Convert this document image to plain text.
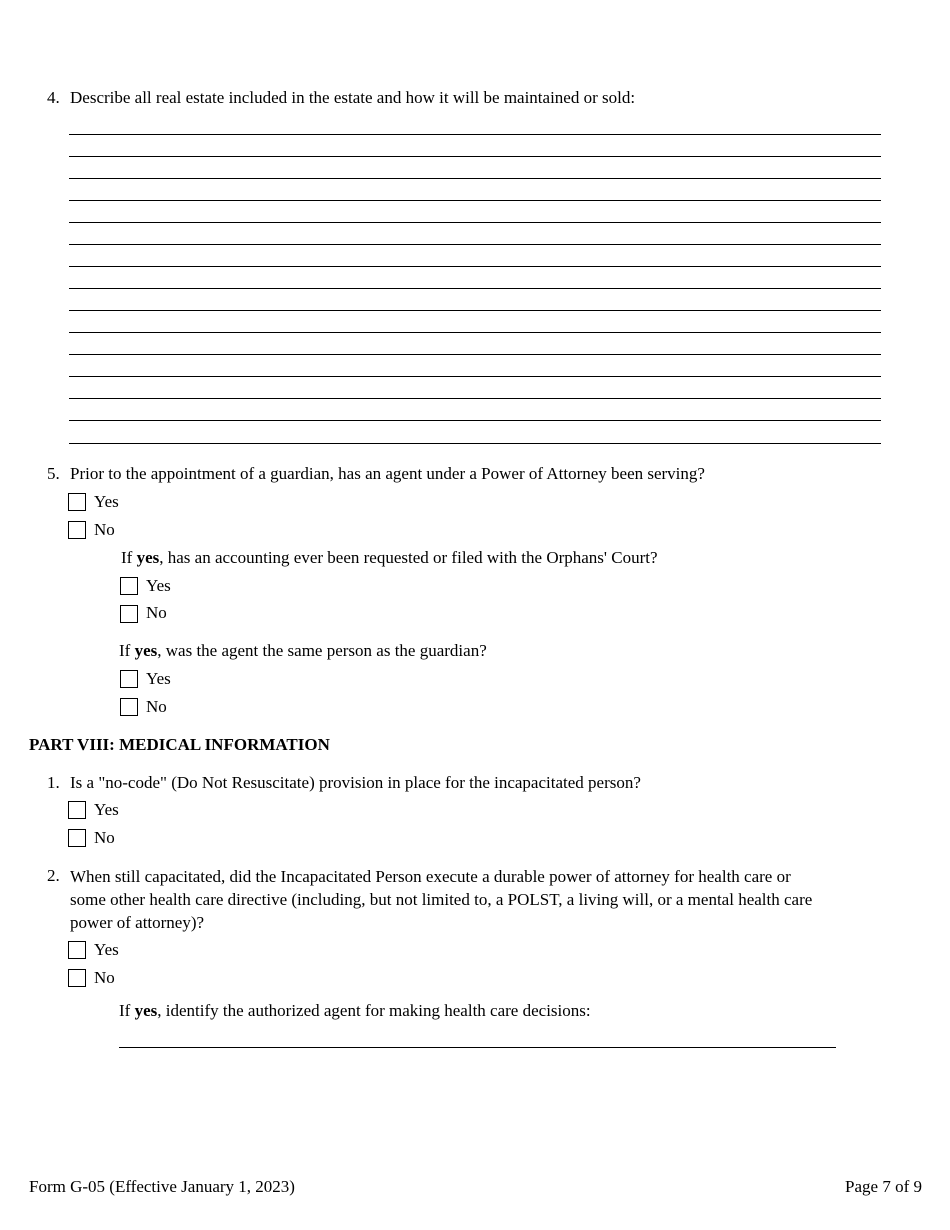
4. Describe all real estate included in the estate and how it will be maintained or sold:
5. Prior to the appointment of a guardian, has an agent under a Power of Attorney been serving?
Yes
No
If yes, has an accounting ever been requested or filed with the Orphans' Court?
Yes
No
If yes, was the agent the same person as the guardian?
Yes
No
PART VIII: MEDICAL INFORMATION
1. Is a "no-code" (Do Not Resuscitate) provision in place for the incapacitated person?
Yes
No
2. When still capacitated, did the Incapacitated Person execute a durable power of attorney for health care or
some other health care directive (including, but not limited to, a POLST, a living will, or a mental health care
power of attorney)?
Yes
No
If yes, identify the authorized agent for making health care decisions:
Form G-05 (Effective January 1, 2023)	Page 7 of 9
